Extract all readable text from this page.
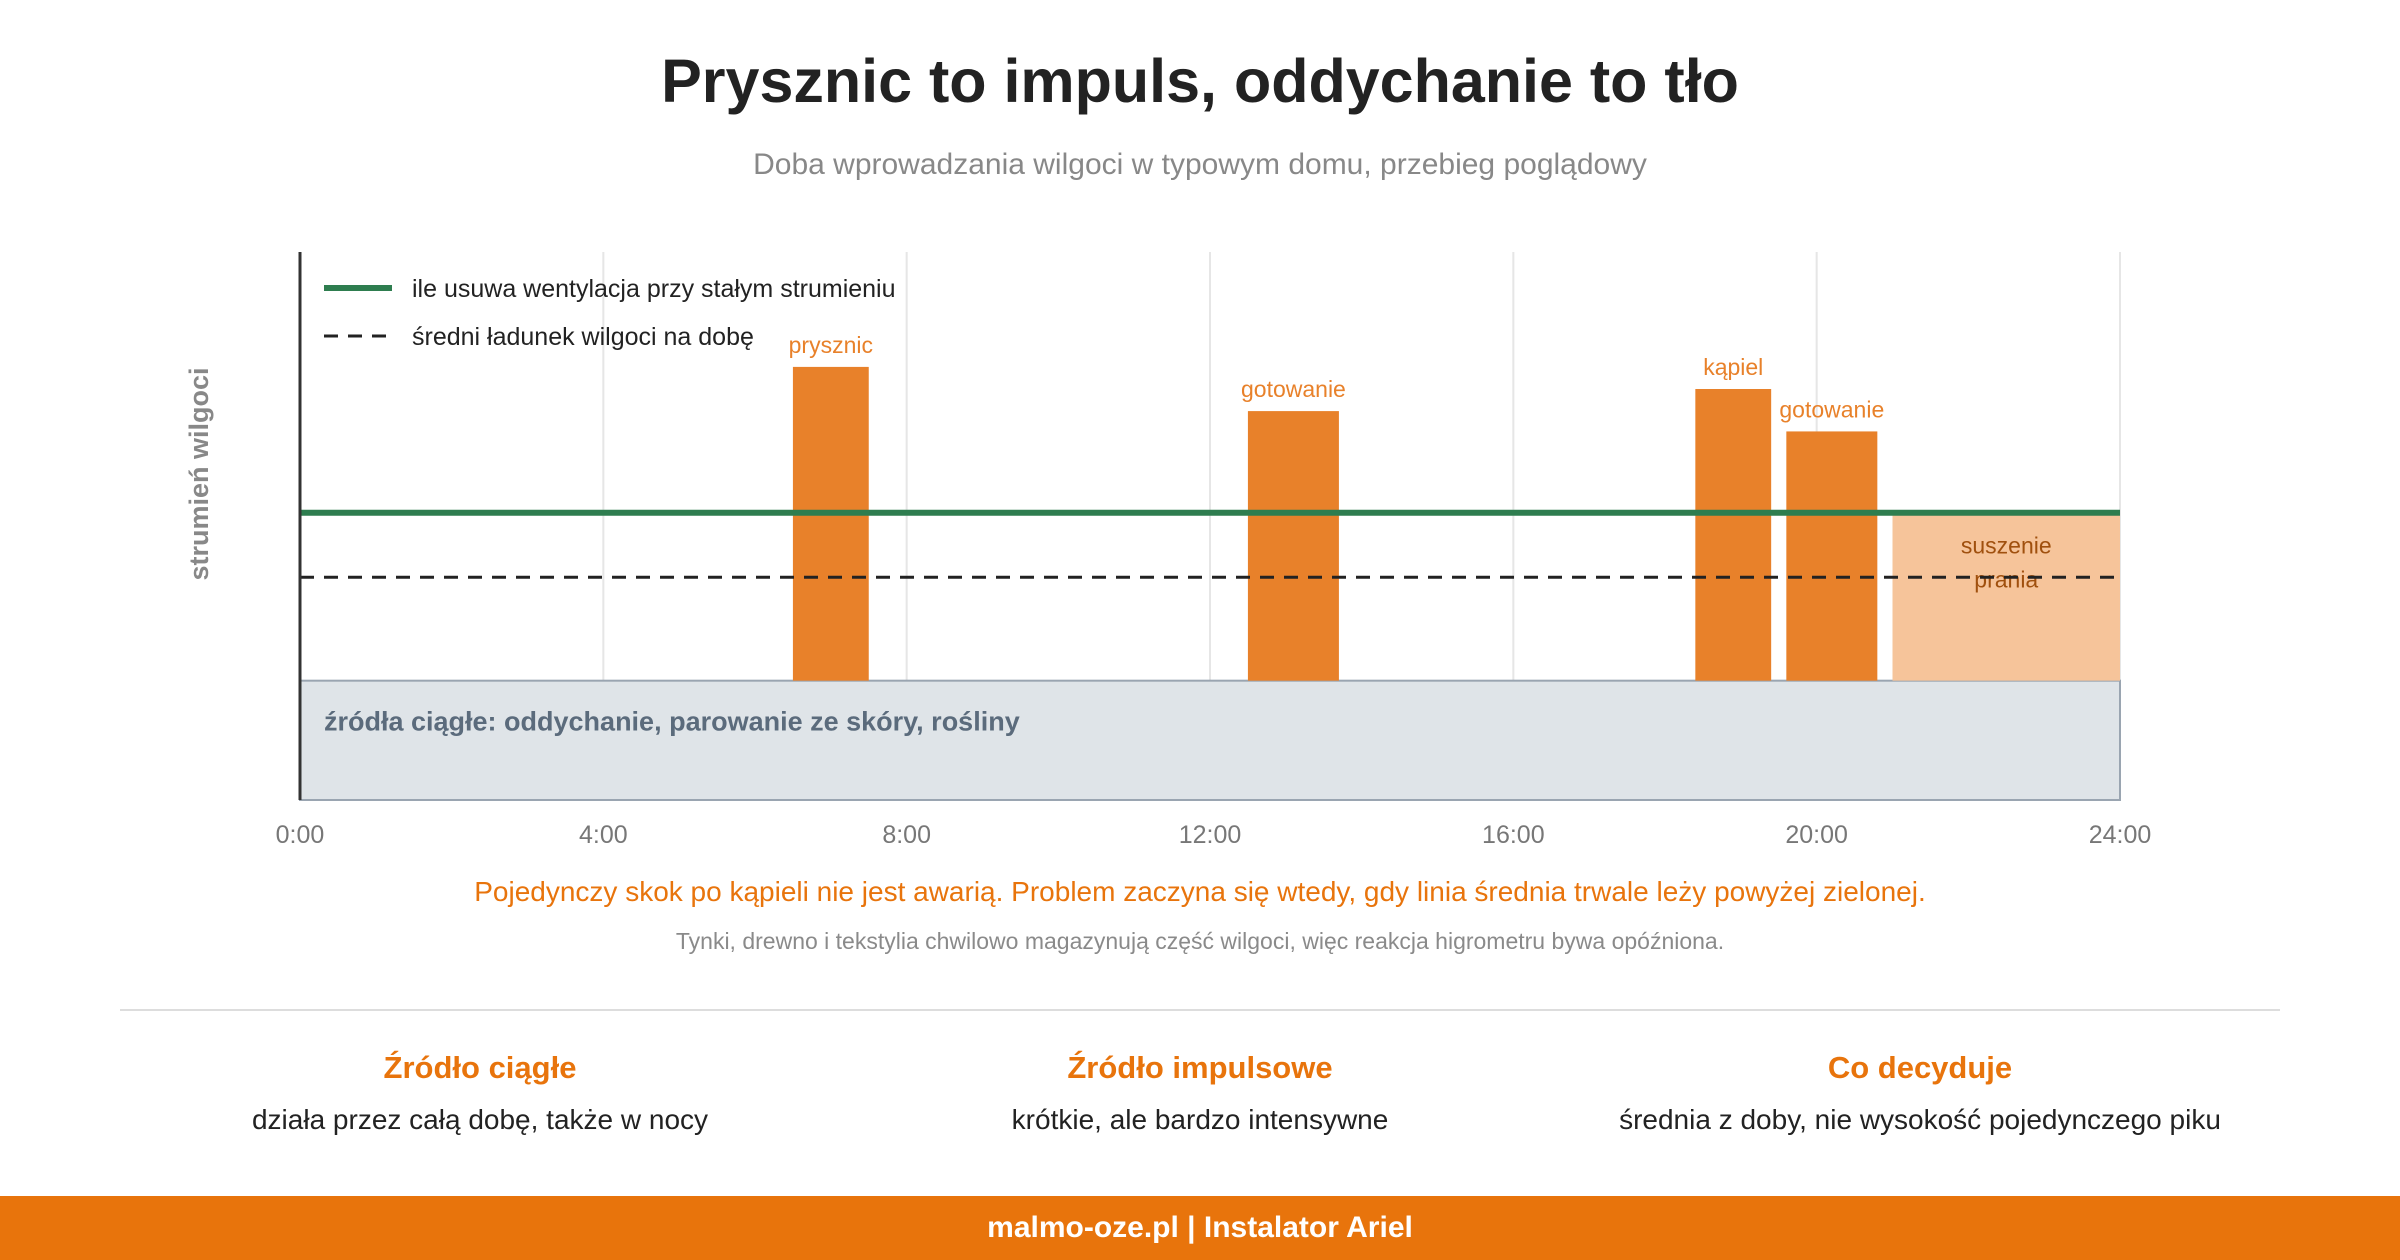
Prysznic to impuls, oddychanie to tło
Doba wprowadzania wilgoci w typowym domu, przebieg poglądowy
źródła ciągłe: oddychanie, parowanie ze skóry, rośliny
prysznic
gotowanie
kąpiel
gotowanie
suszenie prania
strumień wilgoci
0:00	4:00	8:00	12:00	16:00	20:00	24:00
ile usuwa wentylacja przy stałym strumieniu
średni ładunek wilgoci na dobę
Pojedynczy skok po kąpieli nie jest awarią. Problem zaczyna się wtedy, gdy linia średnia trwale leży powyżej zielonej.
Tynki, drewno i tekstylia chwilowo magazynują część wilgoci, więc reakcja higrometru bywa opóźniona.
Źródło ciągłe
działa przez całą dobę, także w nocy
Źródło impulsowe
krótkie, ale bardzo intensywne
Co decyduje
średnia z doby, nie wysokość pojedynczego piku
malmo-oze.pl | Instalator Ariel
